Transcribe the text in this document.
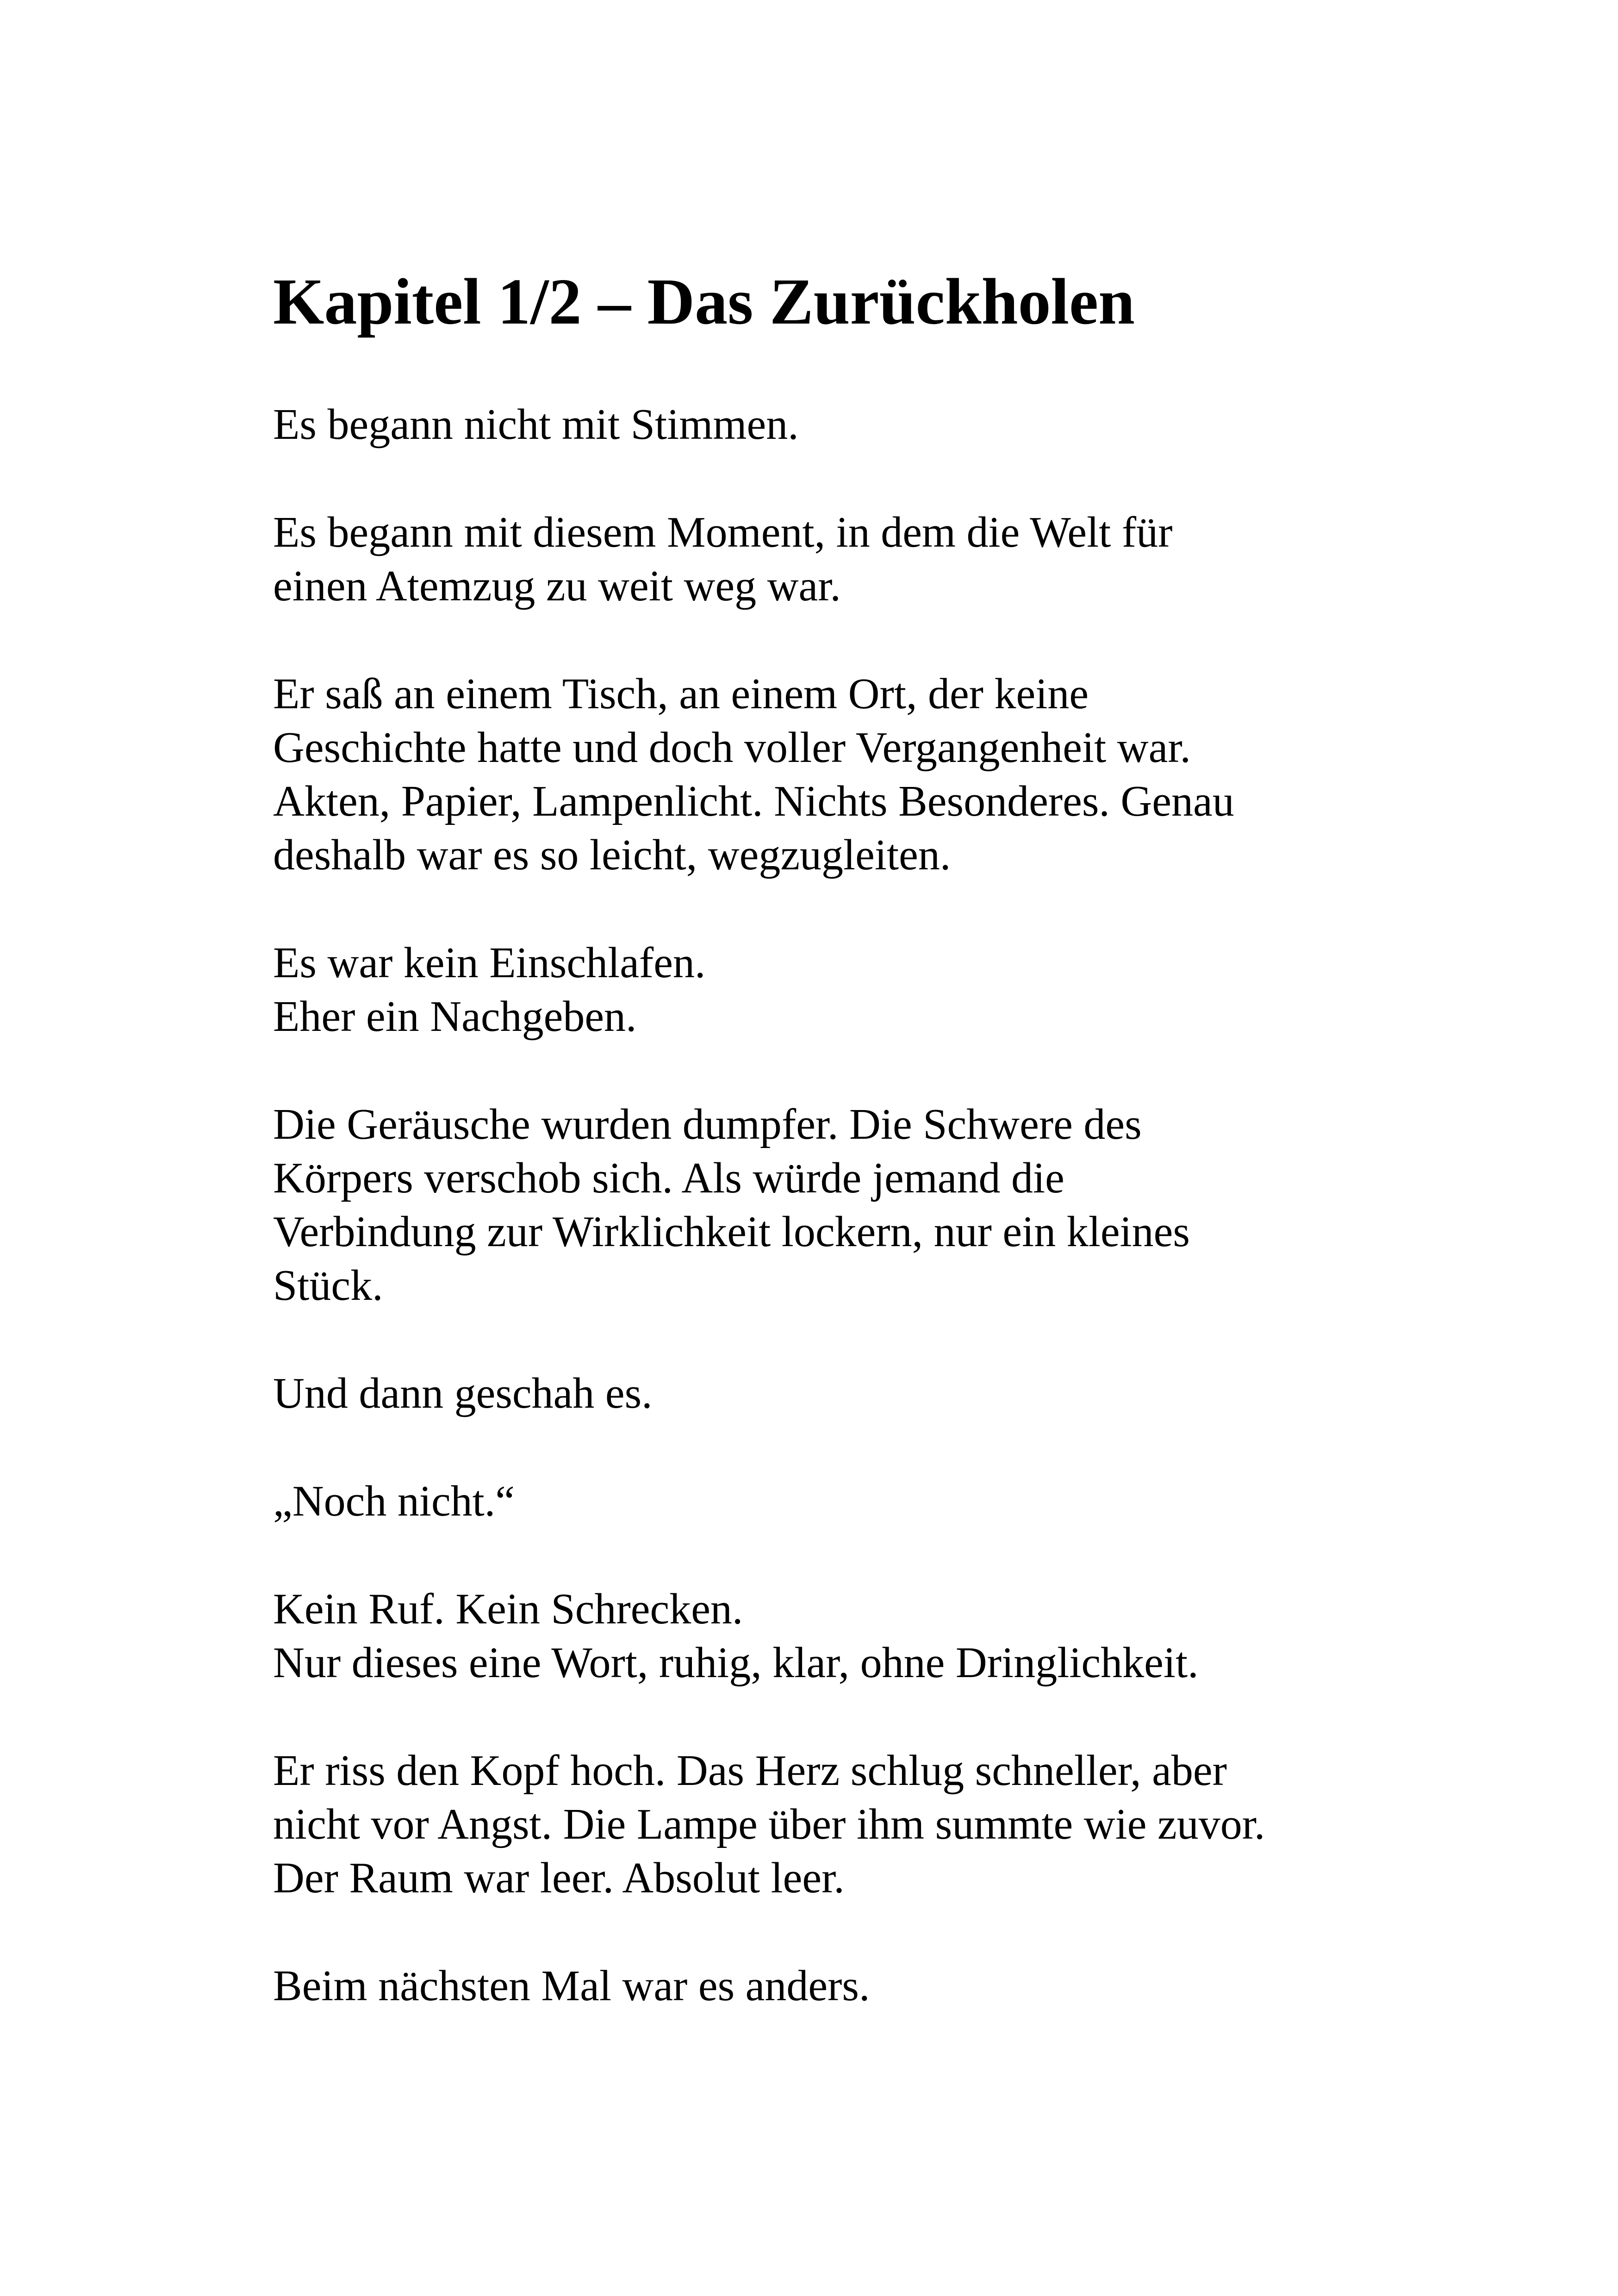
Kapitel 1/2 – Das Zurückholen

Es begann nicht mit Stimmen.

Es begann mit diesem Moment, in dem die Welt für
einen Atemzug zu weit weg war.

Er saß an einem Tisch, an einem Ort, der keine
Geschichte hatte und doch voller Vergangenheit war.
Akten, Papier, Lampenlicht. Nichts Besonderes. Genau
deshalb war es so leicht, wegzugleiten.

Es war kein Einschlafen.
Eher ein Nachgeben.

Die Geräusche wurden dumpfer. Die Schwere des
Körpers verschob sich. Als würde jemand die
Verbindung zur Wirklichkeit lockern, nur ein kleines
Stück.

Und dann geschah es.

„Noch nicht.“

Kein Ruf. Kein Schrecken.
Nur dieses eine Wort, ruhig, klar, ohne Dringlichkeit.

Er riss den Kopf hoch. Das Herz schlug schneller, aber
nicht vor Angst. Die Lampe über ihm summte wie zuvor.
Der Raum war leer. Absolut leer.

Beim nächsten Mal war es anders.
